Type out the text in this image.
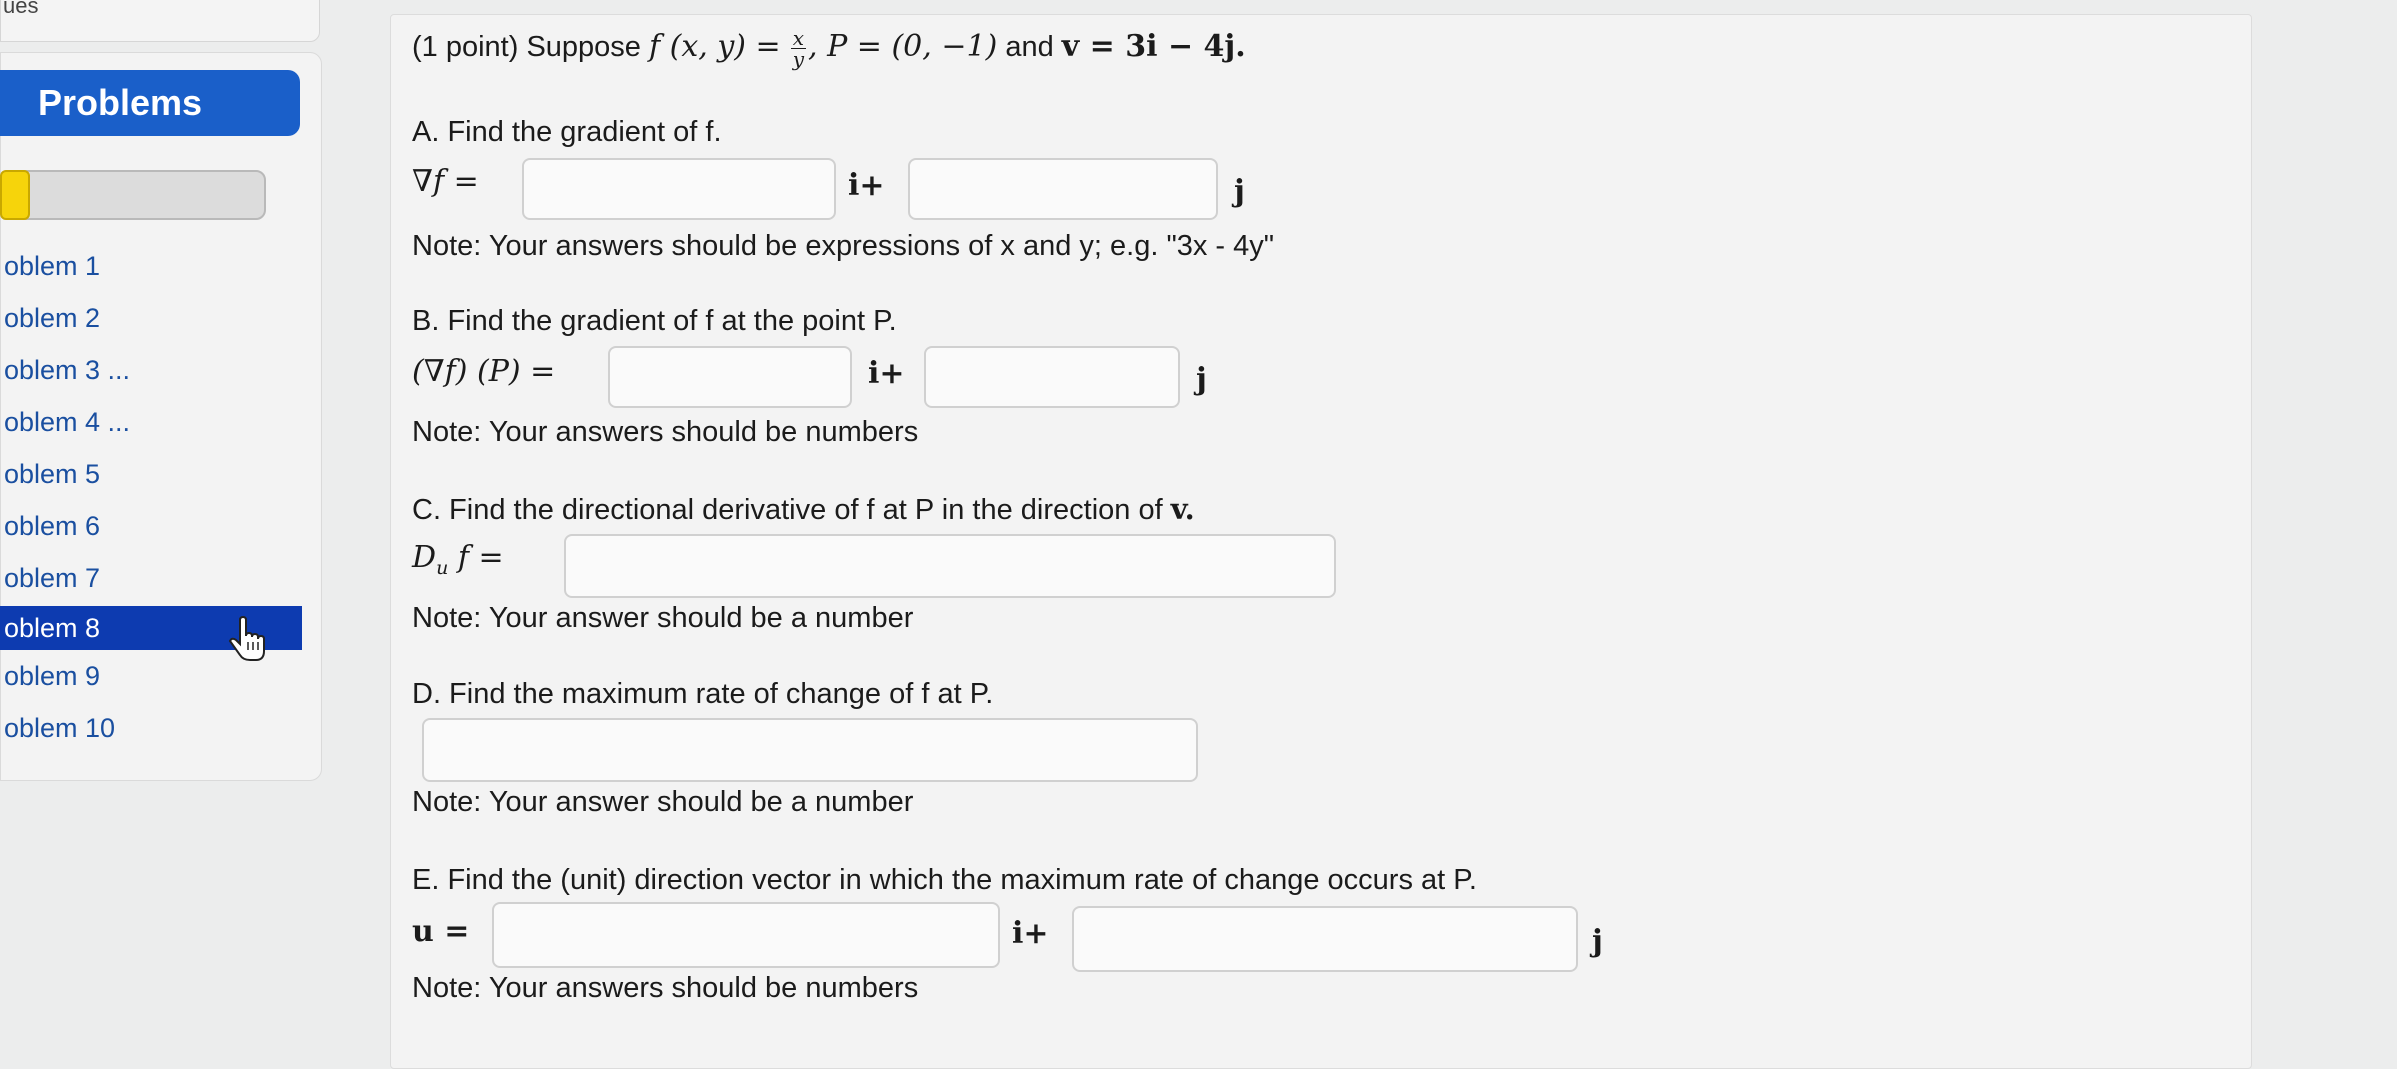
ues
Problems
oblem 1
oblem 2
oblem 3 ...
oblem 4 ...
oblem 5
oblem 6
oblem 7
oblem 8
oblem 9
oblem 10
(1 point) Suppose f (x, $y) = \frac{x}{y}$ , P = (0, −1) and v = 3i − 4j.
A. Find the gradient of f.
∇f =	i+	j
Note: Your answers should be expressions of x and y; e.g. "3x - 4y"
B. Find the gradient of f at the point P.
(∇f) (P) =	i+	j
Note: Your answers should be numbers
C. Find the directional derivative of f at P in the direction of v.
$D_u$ f =
Note: Your answer should be a number
D. Find the maximum rate of change of f at P.
Note: Your answer should be a number
E. Find the (unit) direction vector in which the maximum rate of change occurs at P.
u =	i+	j
Note: Your answers should be numbers
